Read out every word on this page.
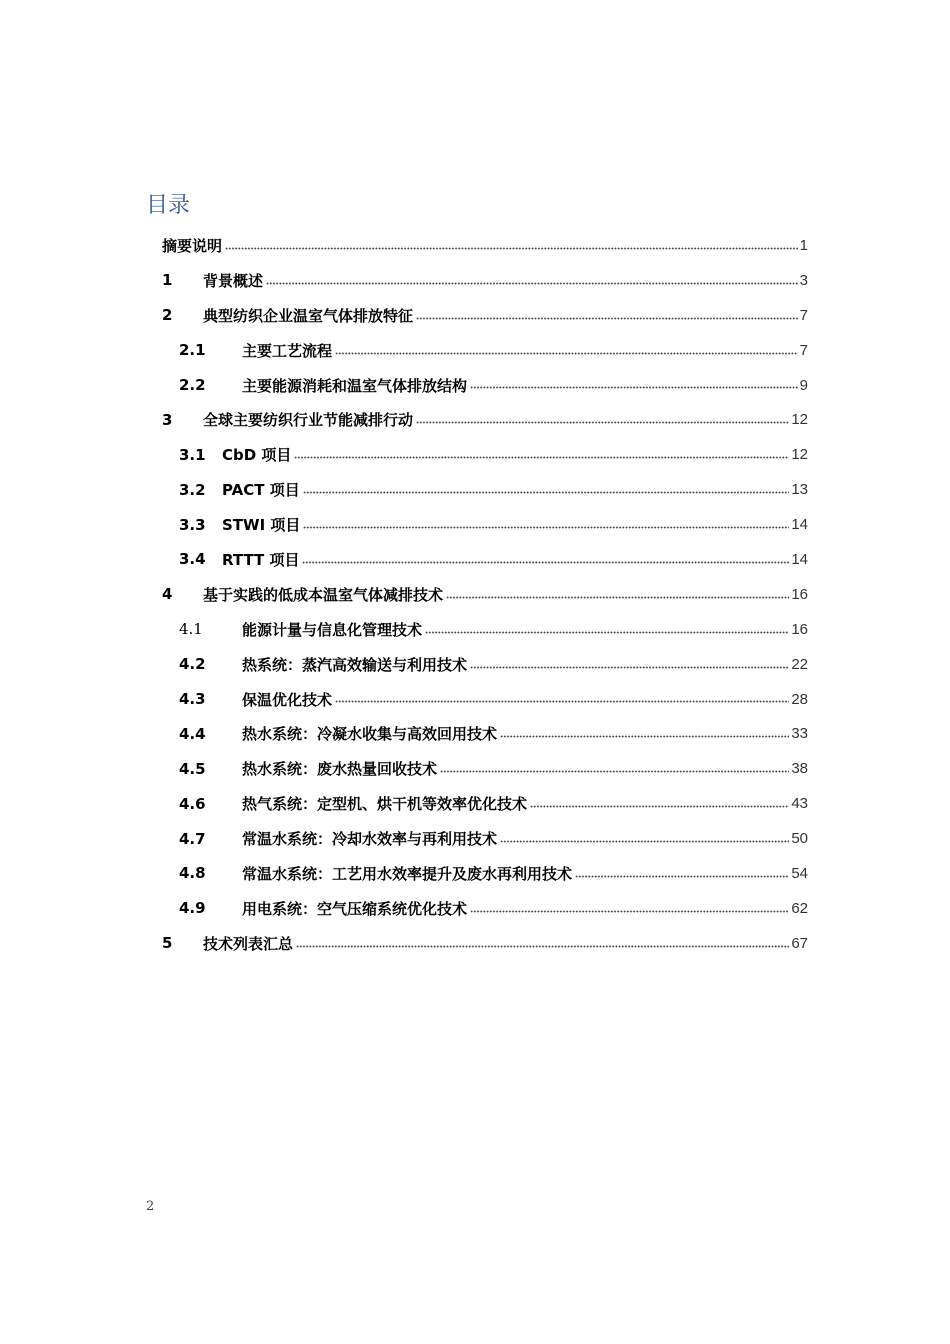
目录
摘要说明	1
1	背景概述	3
2	典型纺织企业温室气体排放特征	7
2.1	主要工艺流程	7
2.2	主要能源消耗和温室气体排放结构	9
3	全球主要纺织行业节能减排行动	12
3.1	CbD 项目	12
3.2	PACT 项目	13
3.3	STWI 项目	14
3.4	RTTT 项目	14
4	基于实践的低成本温室气体减排技术	16
4.1	能源计量与信息化管理技术	16
4.2	热系统：蒸汽高效输送与利用技术	22
4.3	保温优化技术	28
4.4	热水系统：冷凝水收集与高效回用技术	33
4.5	热水系统：废水热量回收技术	38
4.6	热气系统：定型机、烘干机等效率优化技术	43
4.7	常温水系统：冷却水效率与再利用技术	50
4.8	常温水系统：工艺用水效率提升及废水再利用技术	54
4.9	用电系统：空气压缩系统优化技术	62
5	技术列表汇总	67
2
